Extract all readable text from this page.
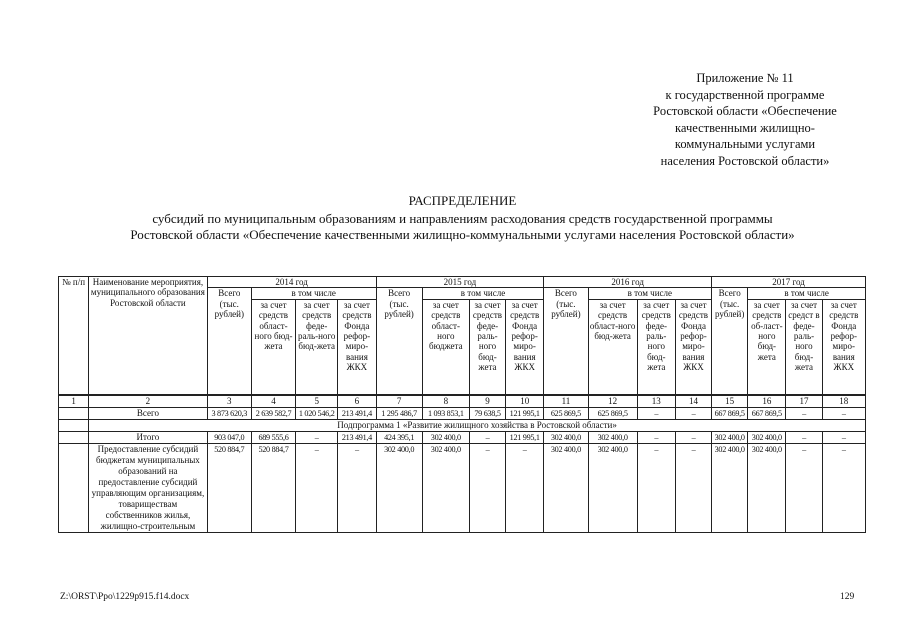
Приложение № 11
к государственной программе
Ростовской области «Обеспечение
качественными жилищно-
коммунальными услугами
населения Ростовской области»
РАСПРЕДЕЛЕНИЕ
субсидий по муниципальным образованиям и направлениям расходования средств государственной программы
Ростовской области «Обеспечение качественными жилищно-коммунальными услугами населения Ростовской области»
№ п/п	Наименование мероприятия, муниципального образования Ростовской области	2014 год				2015 год				2016 год				2017 год			
		Всего (тыс. рублей)	в том числе			Всего (тыс. рублей)	в том числе			Всего (тыс. рублей)	в том числе			Всего (тыс. рублей)	в том числе		
			за счет средств област-ного бюд-жета	за счет средств феде-раль-ного бюд-жета	за счет средств Фонда рефор-миро-вания ЖКХ		за счет средств област-ного бюджета	за счет средств феде-раль-ного бюд-жета	за счет средств Фонда рефор-миро-вания ЖКХ		за счет средств област-ного бюд-жета	за счет средств феде-раль-ного бюд-жета	за счет средств Фонда рефор-миро-вания ЖКХ		за счет средств об-ласт-ного бюд-жета	за счет средст в феде-раль-ного бюд-жета	за счет средств Фонда рефор-миро-вания ЖКХ
1	2	3	4	5	6	7	8	9	10	11	12	13	14	15	16	17	18
	Всего	3 873 620,3	2 639 582,7	1 020 546,2	213 491,4	1 295 486,7	1 093 853,1	79 638,5	121 995,1	625 869,5	625 869,5	–	–	667 869,5	667 869,5	–	–
	Подпрограмма 1 «Развитие жилищного хозяйства в Ростовской области»																
	Итого	903 047,0	689 555,6	–	213 491,4	424 395,1	302 400,0	–	121 995,1	302 400,0	302 400,0	–	–	302 400,0	302 400,0	–	–
	Предоставление субсидий бюджетам муниципальных образований на предоставление субсидий управляющим организациям, товариществам собственников жилья, жилищно-строительным	520 884,7	520 884,7	–	–	302 400,0	302 400,0	–	–	302 400,0	302 400,0	–	–	302 400,0	302 400,0	–	–
Z:\ORST\Ppo\1229p915.f14.docx	129
